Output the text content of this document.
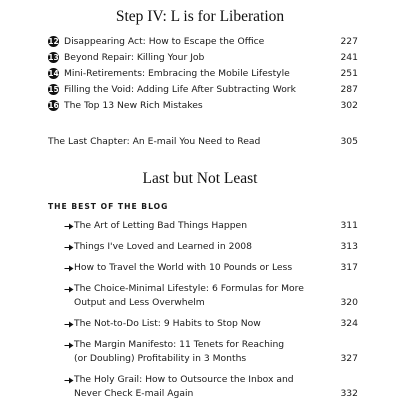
Step IV: L is for Liberation
12 Disappearing Act: How to Escape the Office	227
13 Beyond Repair: Killing Your Job	241
14 Mini-Retirements: Embracing the Mobile Lifestyle	251
15 Filling the Void: Adding Life After Subtracting Work	287
16 The Top 13 New Rich Mistakes	302
The Last Chapter: An E-mail You Need to Read	305
Last but Not Least
THE BEST OF THE BLOG
The Art of Letting Bad Things Happen	311
Things I've Loved and Learned in 2008	313
How to Travel the World with 10 Pounds or Less	317
The Choice-Minimal Lifestyle: 6 Formulas for More
Output and Less Overwhelm	320
The Not-to-Do List: 9 Habits to Stop Now	324
The Margin Manifesto: 11 Tenets for Reaching
(or Doubling) Profitability in 3 Months	327
The Holy Grail: How to Outsource the Inbox and
Never Check E-mail Again	332
